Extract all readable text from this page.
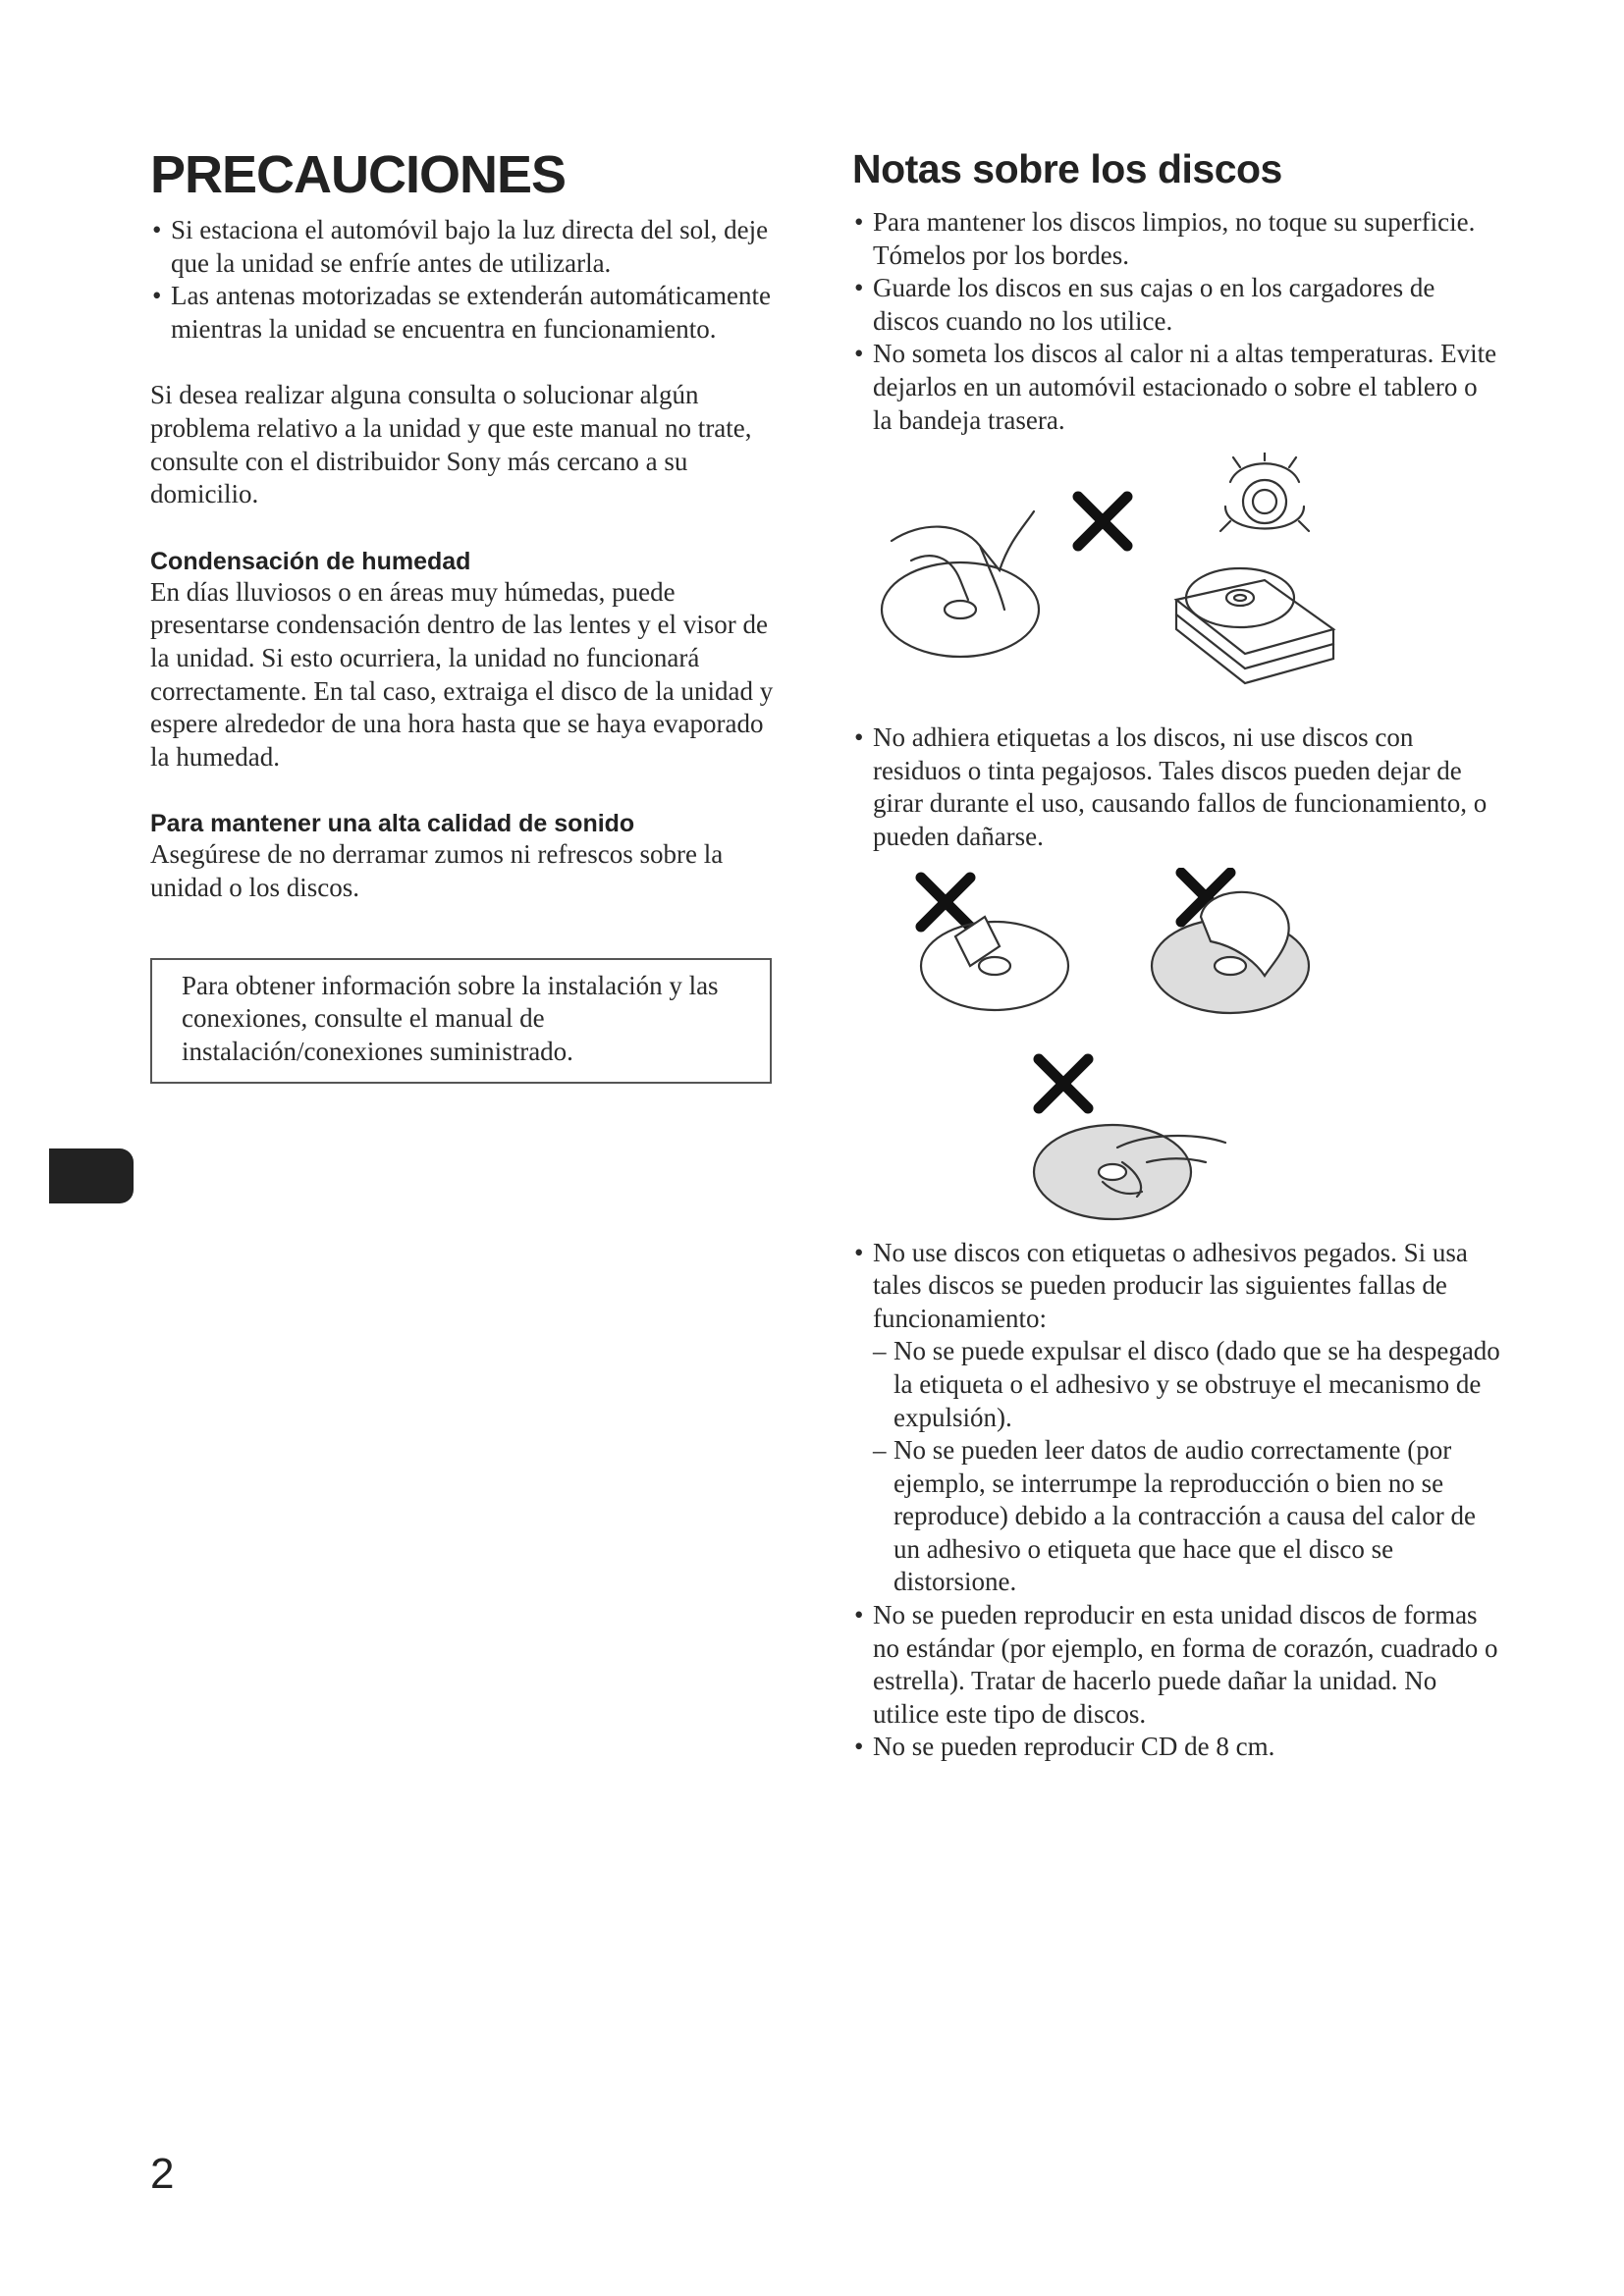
PRECAUCIONES
• Si estaciona el automóvil bajo la luz directa del sol, deje que la unidad se enfríe antes de utilizarla.
• Las antenas motorizadas se extenderán automáticamente mientras la unidad se encuentra en funcionamiento.

Si desea realizar alguna consulta o solucionar algún problema relativo a la unidad y que este manual no trate, consulte con el distribuidor Sony más cercano a su domicilio.

Condensación de humedad

En días lluviosos o en áreas muy húmedas, puede presentarse condensación dentro de las lentes y el visor de la unidad. Si esto ocurriera, la unidad no funcionará correctamente. En tal caso, extraiga el disco de la unidad y espere alrededor de una hora hasta que se haya evaporado la humedad.

Para mantener una alta calidad de sonido

Asegúrese de no derramar zumos ni refrescos sobre la unidad o los discos.

Para obtener información sobre la instalación y las conexiones, consulte el manual de instalación/conexiones suministrado.

Notas sobre los discos
• Para mantener los discos limpios, no toque su superficie. Tómelos por los bordes.
• Guarde los discos en sus cajas o en los cargadores de discos cuando no los utilice.
• No someta los discos al calor ni a altas temperaturas. Evite dejarlos en un automóvil estacionado o sobre el tablero o la bandeja trasera.
• No adhiera etiquetas a los discos, ni use discos con residuos o tinta pegajosos. Tales discos pueden dejar de girar durante el uso, causando fallos de funcionamiento, o pueden dañarse.
• No use discos con etiquetas o adhesivos pegados. Si usa tales discos se pueden producir las siguientes fallas de funcionamiento:
– No se puede expulsar el disco (dado que se ha despegado la etiqueta o el adhesivo y se obstruye el mecanismo de expulsión).
– No se pueden leer datos de audio correctamente (por ejemplo, se interrumpe la reproducción o bien no se reproduce) debido a la contracción a causa del calor de un adhesivo o etiqueta que hace que el disco se distorsione.
• No se pueden reproducir en esta unidad discos de formas no estándar (por ejemplo, en forma de corazón, cuadrado o estrella). Tratar de hacerlo puede dañar la unidad. No utilice este tipo de discos.
• No se pueden reproducir CD de 8 cm.
2
